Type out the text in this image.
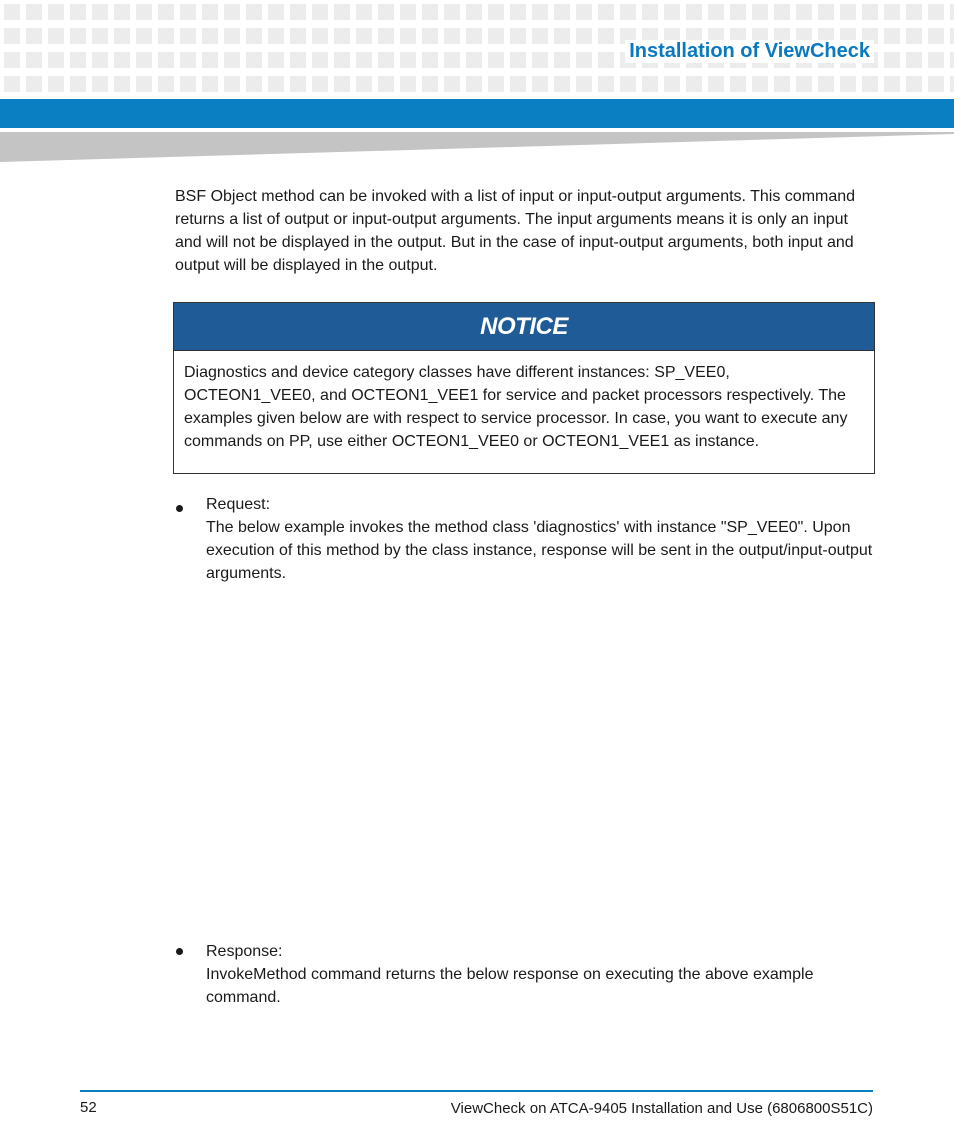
Installation of ViewCheck

BSF Object method can be invoked with a list of input or input-output arguments. This command returns a list of output or input-output arguments. The input arguments means it is only an input and will not be displayed in the output. But in the case of input-output arguments, both input and output will be displayed in the output.

NOTICE

Diagnostics and device category classes have different instances: SP_VEE0, OCTEON1_VEE0, and OCTEON1_VEE1 for service and packet processors respectively. The examples given below are with respect to service processor. In case, you want to execute any commands on PP, use either OCTEON1_VEE0 or OCTEON1_VEE1 as instance.

Request:
The below example invokes the method class 'diagnostics' with instance "SP_VEE0". Upon execution of this method by the class instance, response will be sent in the output/input-output arguments.

Response:
InvokeMethod command returns the below response on executing the above example command.

52	ViewCheck on ATCA-9405 Installation and Use (6806800S51C)
